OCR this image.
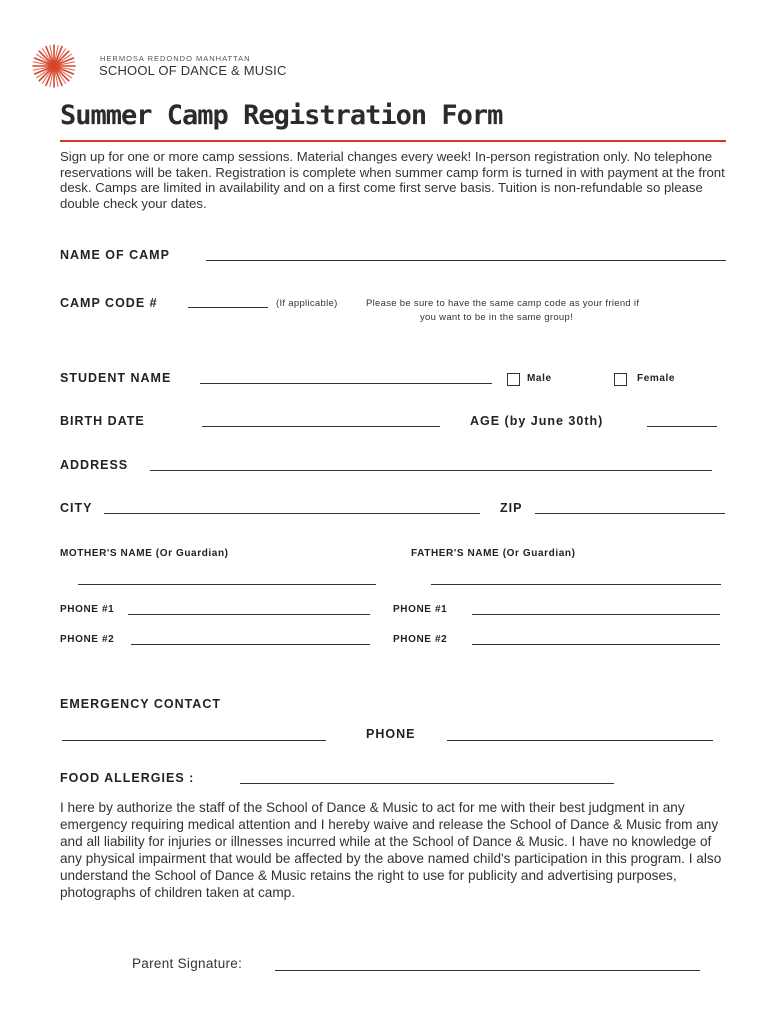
HERMOSA REDONDO MANHATTAN
SCHOOL OF DANCE & MUSIC
Summer Camp Registration Form
Sign up for one or more camp sessions. Material changes every week! In-person registration only. No telephone reservations will be taken. Registration is complete when summer camp form is turned in with payment at the front desk. Camps are limited in availability and on a first come first serve basis. Tuition is non-refundable so please double check your dates.
NAME OF CAMP
CAMP CODE #	(If applicable)	Please be sure to have the same camp code as your friend if
you want to be in the same group!
STUDENT NAME	Male	Female
BIRTH DATE	AGE (by June 30th)
ADDRESS
CITY	ZIP
MOTHER'S NAME (Or Guardian)	FATHER'S NAME (Or Guardian)
PHONE #1	PHONE #1
PHONE #2	PHONE #2
EMERGENCY CONTACT
PHONE
FOOD ALLERGIES :
I here by authorize the staff of the School of Dance & Music to act for me with their best judgment in any emergency requiring medical attention and I hereby waive and release the School of Dance & Music from any and all liability for injuries or illnesses incurred while at the School of Dance & Music. I have no knowledge of any physical impairment that would be affected by the above named child's participation in this program. I also understand the School of Dance & Music retains the right to use for publicity and advertising purposes, photographs of children taken at camp.
Parent Signature:
